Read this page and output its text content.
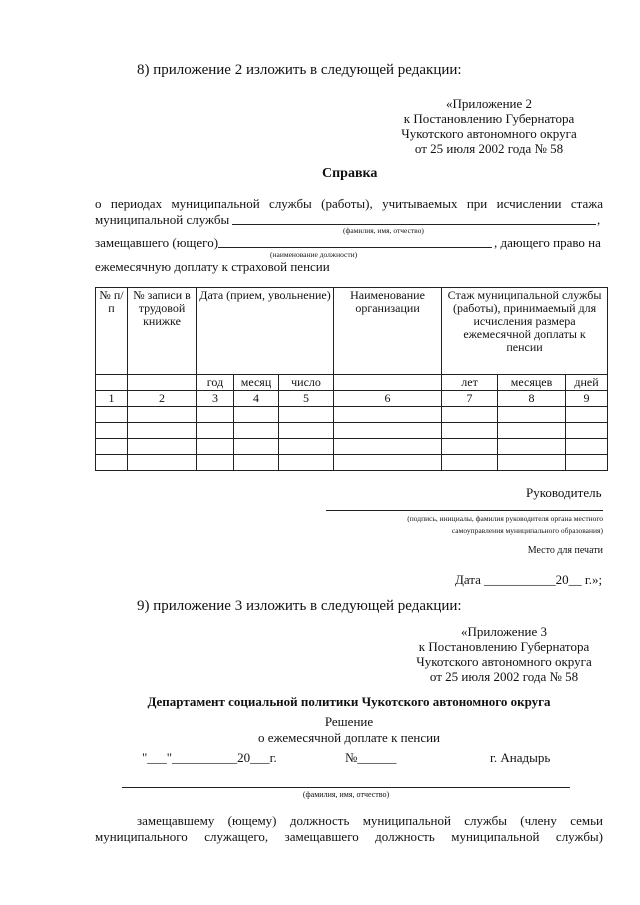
8) приложение 2 изложить в следующей редакции:
«Приложение 2
к Постановлению Губернатора
Чукотского автономного округа
от 25 июля 2002 года № 58
Справка
о периодах муниципальной службы (работы), учитываемых при исчислении стажа
муниципальной службы	,
(фамилия, имя, отчество)
замещавшего (ющего)	, дающего право на
(наименование должности)
ежемесячную доплату к страховой пенсии
№ п/п	№ записи в трудовой книжке	Дата (прием, увольнение)			Наименование организации	Стаж муниципальной службы (работы), принимаемый для исчисления размера ежемесячной доплаты к пенсии		
		год	месяц	число		лет	месяцев	дней
1	2	3	4	5	6	7	8	9

Руководитель
(подпись, инициалы, фамилия руководителя органа местного
самоуправления муниципального образования)
Место для печати
Дата ___________20__ г.»;
9) приложение 3 изложить в следующей редакции:
«Приложение 3
к Постановлению Губернатора
Чукотского автономного округа
от 25 июля 2002 года № 58
Департамент социальной политики Чукотского автономного округа
Решение
о ежемесячной доплате к пенсии
"___"__________20___г.	№______	г. Анадырь
(фамилия, имя, отчество)
замещавшему (ющему) должность муниципальной службы (члену семьи
муниципального служащего, замещавшего должность муниципальной службы)
